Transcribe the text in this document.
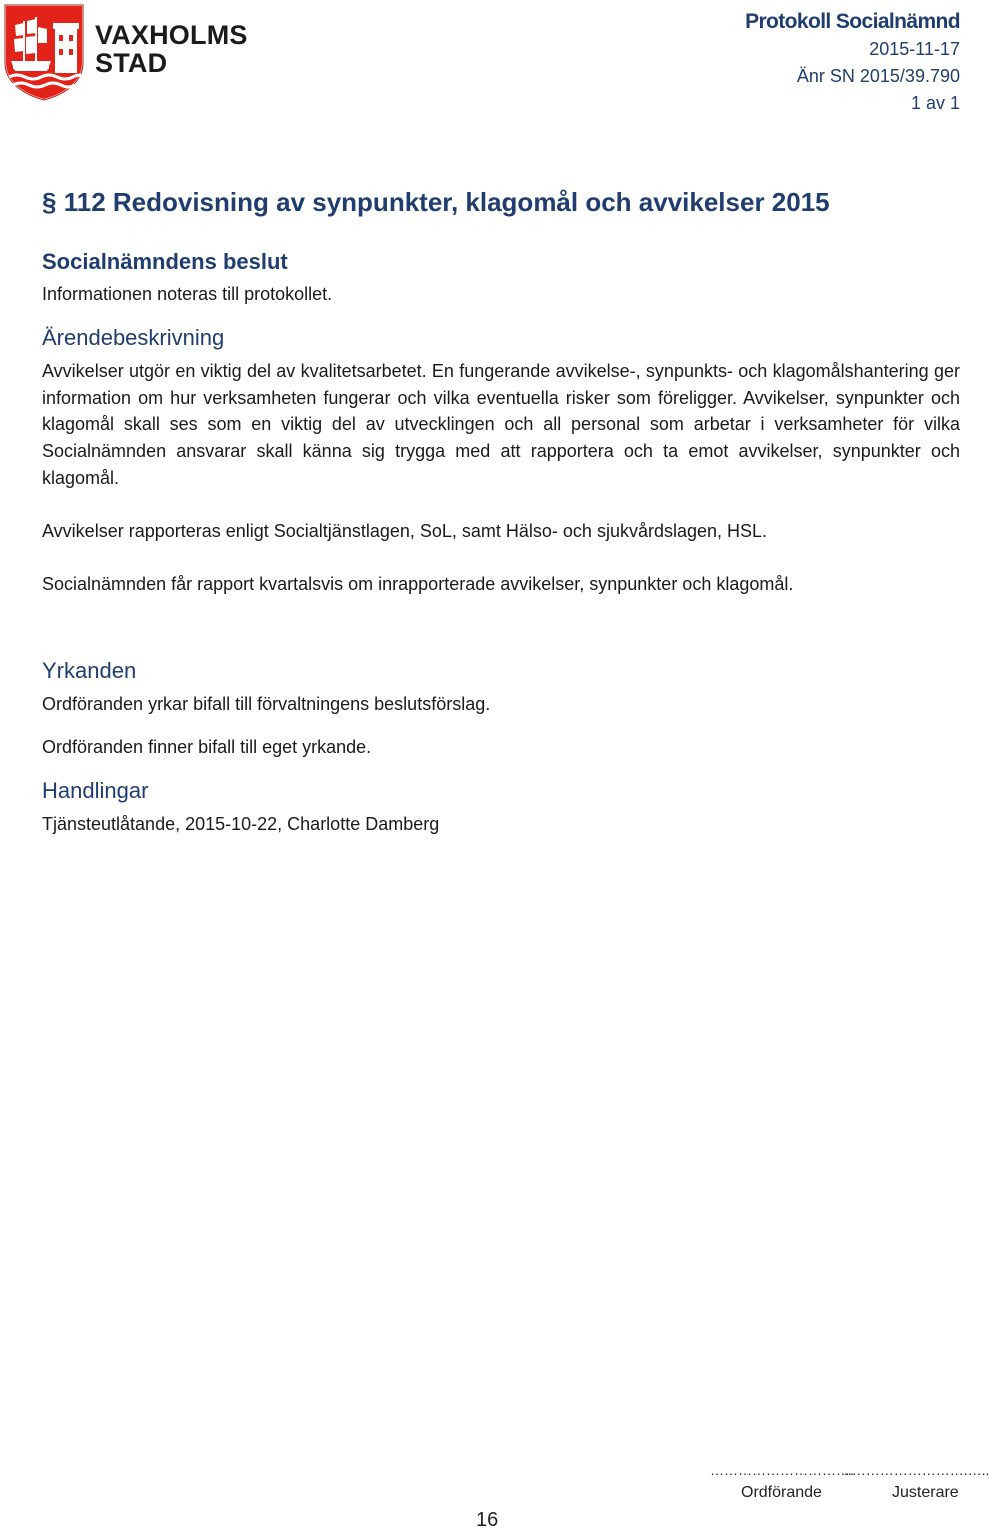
VAXHOLMS
STAD
Protokoll Socialnämnd
2015-11-17
Änr SN 2015/39.790
1 av 1
§ 112 Redovisning av synpunkter, klagomål och avvikelser 2015
Socialnämndens beslut
Informationen noteras till protokollet.
Ärendebeskrivning
Avvikelser utgör en viktig del av kvalitetsarbetet. En fungerande avvikelse-, synpunkts- och klagomålshantering ger information om hur verksamheten fungerar och vilka eventuella risker som föreligger. Avvikelser, synpunkter och klagomål skall ses som en viktig del av utvecklingen och all personal som arbetar i verksamheter för vilka Socialnämnden ansvarar skall känna sig trygga med att rapportera och ta emot avvikelser, synpunkter och klagomål.
Avvikelser rapporteras enligt Socialtjänstlagen, SoL, samt Hälso- och sjukvårdslagen, HSL.
Socialnämnden får rapport kvartalsvis om inrapporterade avvikelser, synpunkter och klagomål.
Yrkanden
Ordföranden yrkar bifall till förvaltningens beslutsförslag.
Ordföranden finner bifall till eget yrkande.
Handlingar
Tjänsteutlåtande, 2015-10-22, Charlotte Damberg
………………………….
..…………………….…..
Ordförande	Justerare
16
